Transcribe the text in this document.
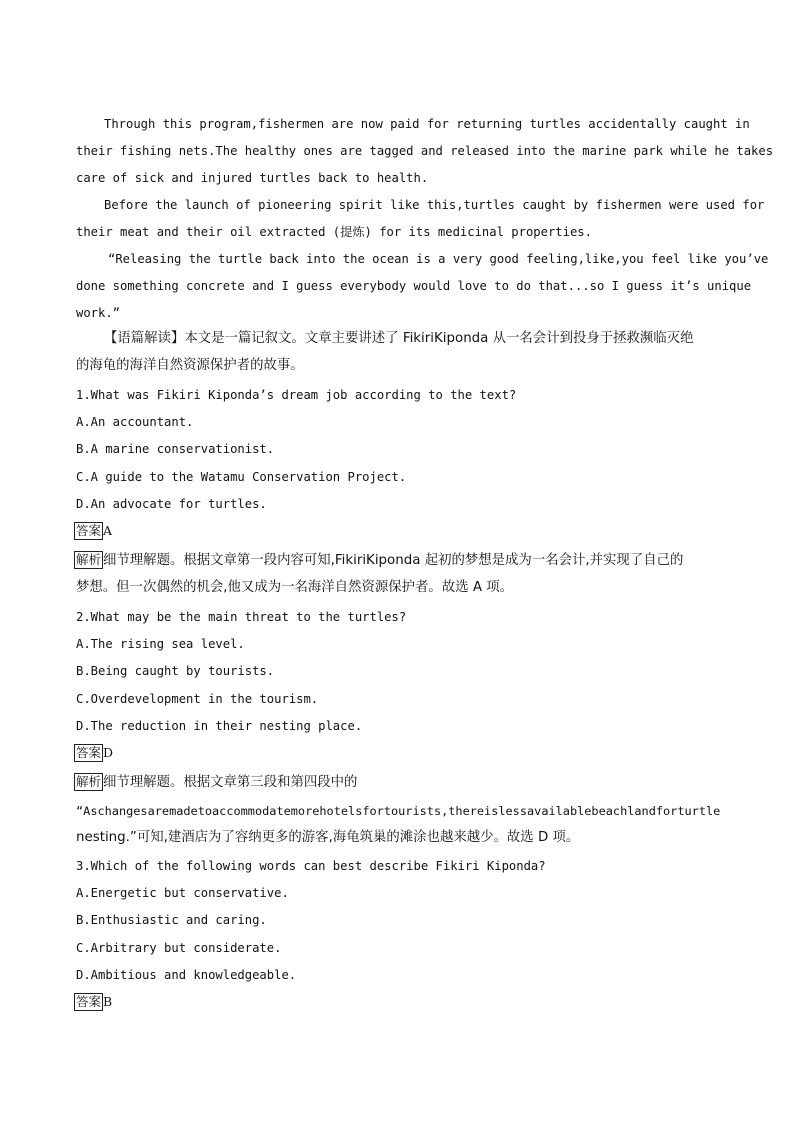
Through this program,fishermen are now paid for returning turtles accidentally caught in
their fishing nets.The healthy ones are tagged and released into the marine park while he takes
care of sick and injured turtles back to health.
Before the launch of pioneering spirit like this,turtles caught by fishermen were used for
their meat and their oil extracted (提炼) for its medicinal properties.
“Releasing the turtle back into the ocean is a very good feeling,like,you feel like you’ve
done something concrete and I guess everybody would love to do that...so I guess it’s unique
work.”
【语篇解读】本文是一篇记叙文。文章主要讲述了 FikiriKiponda 从一名会计到投身于拯救濒临灭绝
的海龟的海洋自然资源保护者的故事。
1.What was Fikiri Kiponda’s dream job according to the text?
A.An accountant.
B.A marine conservationist.
C.A guide to the Watamu Conservation Project.
D.An advocate for turtles.
答案 A
解析 细节理解题。根据文章第一段内容可知,FikiriKiponda 起初的梦想是成为一名会计,并实现了自己的
梦想。但一次偶然的机会,他又成为一名海洋自然资源保护者。故选 A 项。
2.What may be the main threat to the turtles?
A.The rising sea level.
B.Being caught by tourists.
C.Overdevelopment in the tourism.
D.The reduction in their nesting place.
答案 D
解析 细节理解题。根据文章第三段和第四段中的
“Aschangesaremadetoaccommodatemorehotelsfortourists,thereislessavailablebeachlandforturtle
nesting.”可知,建酒店为了容纳更多的游客,海龟筑巢的滩涂也越来越少。故选 D 项。
3.Which of the following words can best describe Fikiri Kiponda?
A.Energetic but conservative.
B.Enthusiastic and caring.
C.Arbitrary but considerate.
D.Ambitious and knowledgeable.
答案 B
